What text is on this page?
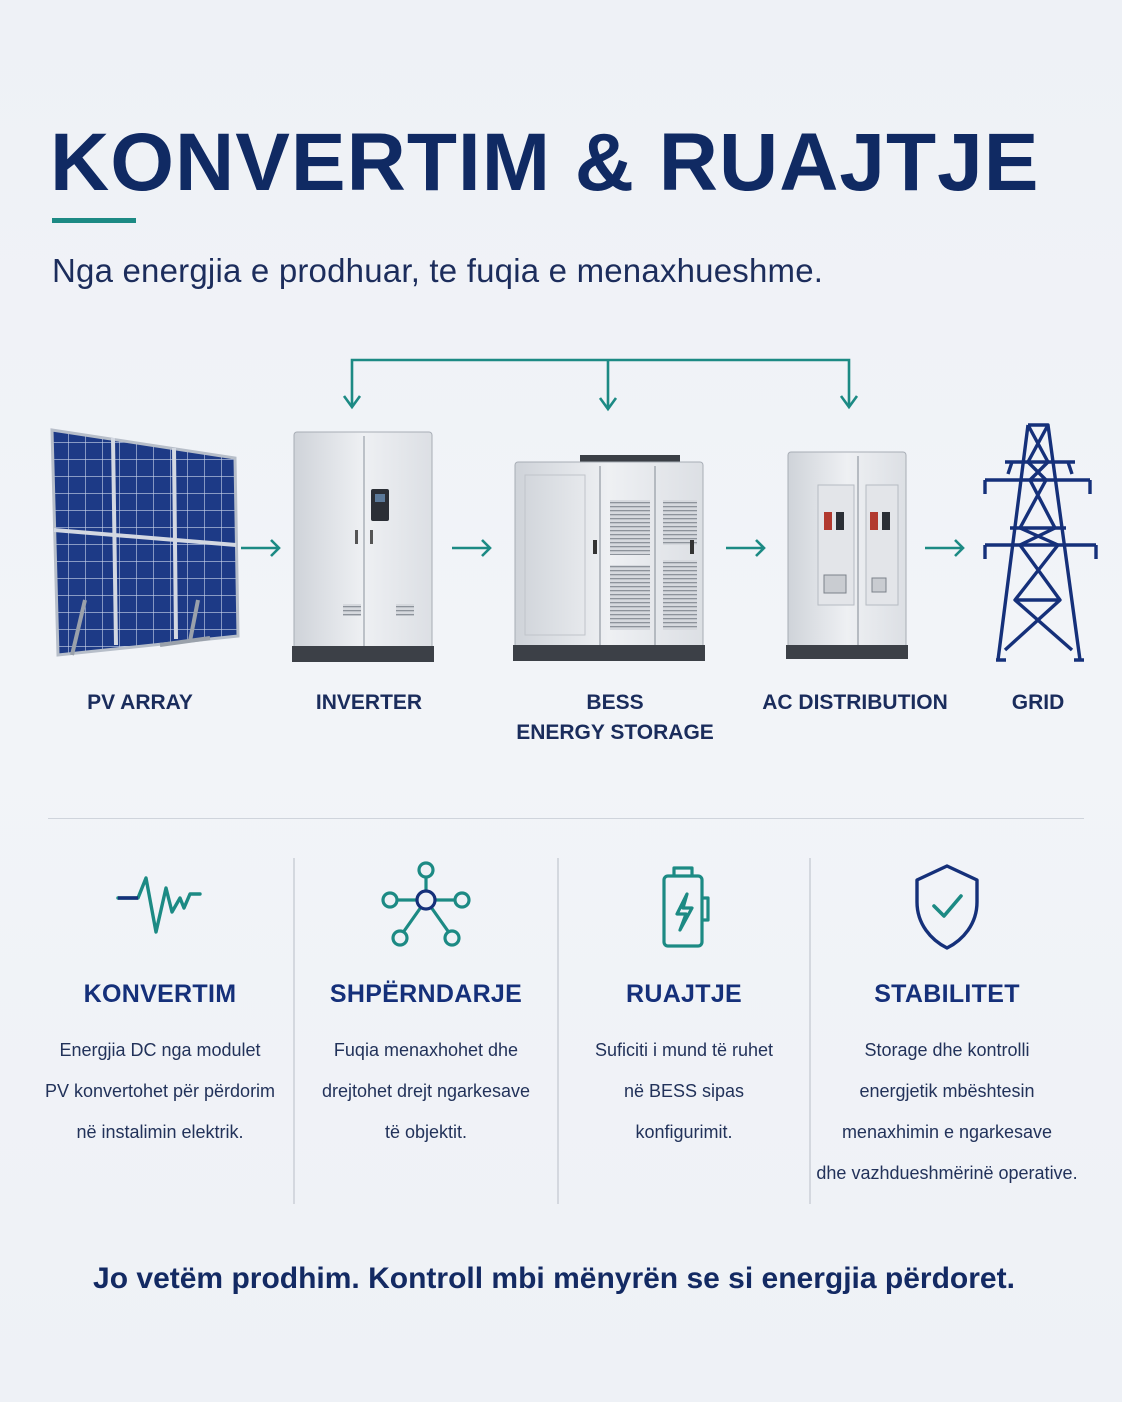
KONVERTIM & RUAJTJE
Nga energjia e prodhuar, te fuqia e menaxhueshme.
PV ARRAY	INVERTER	BESS
ENERGY STORAGE
AC DISTRIBUTION	GRID
KONVERTIM

Energjia DC nga modulet
PV konvertohet për përdorim
në instalimin elektrik.

SHPËRNDARJE

Fuqia menaxhohet dhe
drejtohet drejt ngarkesave
të objektit.

RUAJTJE

Suficiti i mund të ruhet
në BESS sipas
konfigurimit.

STABILITET

Storage dhe kontrolli
energjetik mbështesin
menaxhimin e ngarkesave
dhe vazhdueshmërinë operative.

Jo vetëm prodhim. Kontroll mbi mënyrën se si energjia përdoret.
